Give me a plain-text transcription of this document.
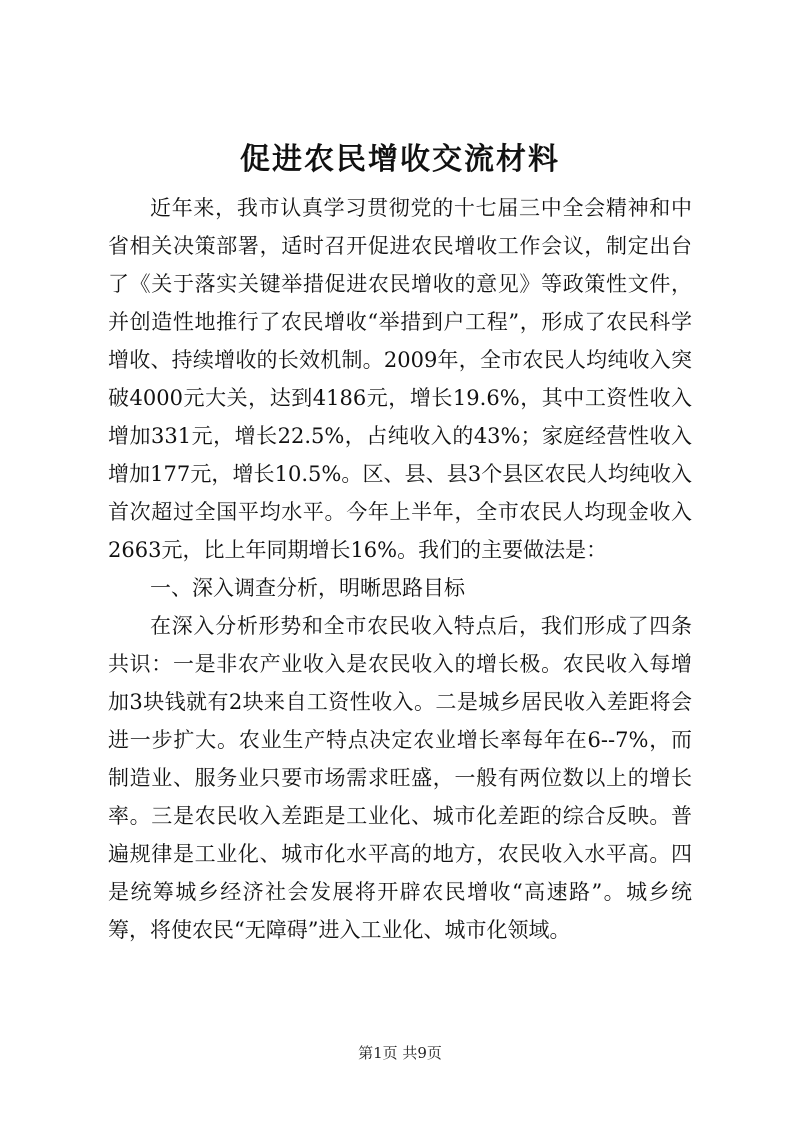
促进农民增收交流材料

近年来，我市认真学习贯彻党的十七届三中全会精神和中省相关决策部署，适时召开促进农民增收工作会议，制定出台了《关于落实关键举措促进农民增收的意见》等政策性文件，并创造性地推行了农民增收“举措到户工程”，形成了农民科学增收、持续增收的长效机制。2009年，全市农民人均纯收入突破4000元大关，达到4186元，增长19.6%，其中工资性收入增加331元，增长22.5%，占纯收入的43%；家庭经营性收入增加177元，增长10.5%。区、县、县3个县区农民人均纯收入首次超过全国平均水平。今年上半年，全市农民人均现金收入2663元，比上年同期增长16%。我们的主要做法是：

一、深入调查分析，明晰思路目标

在深入分析形势和全市农民收入特点后，我们形成了四条共识：一是非农产业收入是农民收入的增长极。农民收入每增加3块钱就有2块来自工资性收入。二是城乡居民收入差距将会进一步扩大。农业生产特点决定农业增长率每年在6--7%，而制造业、服务业只要市场需求旺盛，一般有两位数以上的增长率。三是农民收入差距是工业化、城市化差距的综合反映。普遍规律是工业化、城市化水平高的地方，农民收入水平高。四是统筹城乡经济社会发展将开辟农民增收“高速路”。城乡统筹，将使农民“无障碍”进入工业化、城市化领域。

第1页 共9页
